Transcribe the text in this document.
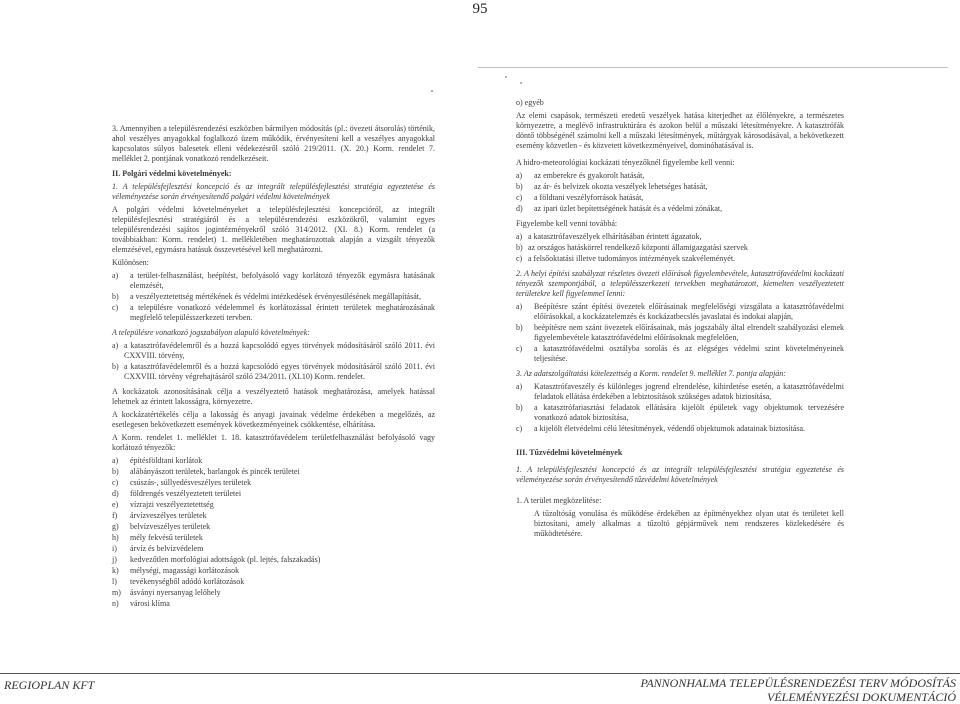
95

3. Amennyiben a településrendezési eszközben bármilyen módosítás (pl.: övezeti átsorolás) történik, ahol veszélyes anyagokkal foglalkozó üzem működik, érvényesíteni kell a veszélyes anyagokkal kapcsolatos súlyos balesetek elleni védekezésről szóló 219/2011. (X. 20.) Korm. rendelet 7. melléklet 2. pontjának vonatkozó rendelkezéseit.

II. Polgári védelmi követelmények:

1. A településfejlesztési koncepció és az integrált településfejlesztési stratégia egyeztetése és véleményezése során érvényesítendő polgári védelmi követelmények

A polgári védelmi követelményeket a településfejlesztési koncepcióról, az integrált településfejlesztési stratégiáról és a településrendezési eszközökről, valamint egyes településrendezési sajátos jogintézményekről szóló 314/2012. (XI. 8.) Korm. rendelet (a továbbiakban: Korm. rendelet) 1. mellékletében meghatározottak alapján a vizsgált tényezők elemzésével, egymásra hatásuk összevetésével kell meghatározni.

Különösen:

a)	a terület-felhasználást, beépítést, befolyásoló vagy korlátozó tényezők egymásra hatásának elemzését,
b)	a veszélyeztetettség mértékének és védelmi intézkedések érvényesülésének megállapítását,
c)	a településre vonatkozó védelemmel és korlátozással érintett területek meghatározásának megfelelő településszerkezeti tervben.

A településre vonatkozó jogszabályon alapuló követelmények:

a) a katasztrófavédelemről és a hozzá kapcsolódó egyes törvények módosításáról szóló 2011. évi CXXVIII. törvény,
b) a katasztrófavédelemről és a hozzá kapcsolódó egyes törvények módosításáról szóló 2011. évi CXXVIII. törvény végrehajtásáról szóló 234/2011. (XI.10) Korm. rendelet.

A kockázatok azonosításának célja a veszélyeztető hatások meghatározása, amelyek hatással lehetnek az érintett lakosságra, környezetre.

A kockázatértékelés célja a lakosság és anyagi javainak védelme érdekében a megelőzés, az esetlegesen bekövetkezett események következményeinek csökkentése, elhárítása.

A Korm. rendelet 1. melléklet 1. 18. katasztrófavédelem területfelhasználást befolyásoló vagy korlátozó tényezők:

a)	építésföldtani korlátok
b)	alábányászott területek, barlangok és pincék területei
c)	csúszás-, süllyedésveszélyes területek
d)	földrengés veszélyeztetett területei
e)	vízrajzi veszélyeztetettség
f)	árvízveszélyes területek
g)	belvízveszélyes területek
h)	mély fekvésű területek
i)	árvíz és belvízvédelem
j)	kedvezőtlen morfológiai adottságok (pl. lejtés, falszakadás)
k)	mélységi, magassági korlátozások
l)	tevékenységből adódó korlátozások
m)	ásványi nyersanyag lelőhely
n)	városi klíma

o) egyéb

Az elemi csapások, természeti eredetű veszélyek hatása kiterjedhet az élőlényekre, a természetes környezetre, a meglévő infrastruktúrára és azokon belül a műszaki létesítményekre. A katasztrófák döntő többségénél számolni kell a műszaki létesítmények, műtárgyak károsodásával, a bekövetkezett esemény közvetlen - és közvetett következményeivel, dominóhatásával is.

A hidro-meteorológiai kockázati tényezőknél figyelembe kell venni:

a)	az emberekre és gyakorolt hatását,
b)	az ár- és belvizek okozta veszélyek lehetséges hatását,
c)	a földtani veszélyforrások hatását,
d)	az ipari üzlet bepítettségének hatását és a védelmi zónákat,

Figyelembe kell venni továbbá:

a) a katasztrófaveszélyek elhárításában érintett ágazatok,
b) az országos hatáskörrel rendelkező központi államigazgatási szervek
c) a felsőoktatási illetve tudományos intézmények szakvéleményét.

2. A helyi építési szabályzat részletes övezeti előírások figyelembevétele, katasztrófavédelmi kockázati tényezők szempontjából, a településszerkezeti tervekben meghatározott, kiemelten veszélyeztetett területekre kell figyelemmel lenni:

a)	Beépítésre szánt építési övezetek előírásainak megfelelőségi vizsgálata a katasztrófavédelmi előírásokkal, a kockázatelemzés és kockázatbecslés javaslatai és indokai alapján,
b)	beépítésre nem szánt övezetek előírásainak, más jogszabály által elrendelt szabályozási elemek figyelembevétele katasztrófavédelmi előírásoknak megfelelően,
c)	a katasztrófavédelmi osztályba sorolás és az elégséges védelmi szint követelményeinek teljesítése.

3. Az adatszolgáltatási kötelezettség a Korm. rendelet 9. melléklet 7. pontja alapján:

a)	Katasztrófaveszély és különleges jogrend elrendelése, kihirdetése esetén, a katasztrófavédelmi feladatok ellátása érdekében a lebiztosítások szükséges adatok biztosítása,
b)	a katasztrófariasztási feladatok ellátására kijelölt épületek vagy objektumok tervezésére vonatkozó adatok biztosítása,
c)	a kijelölt életvédelmi célú létesítmények, védendő objektumok adatainak biztosítása.
III. Tűzvédelmi követelmények

1. A településfejlesztési koncepció és az integrált településfejlesztési stratégia egyeztetése és véleményezése során érvényesítendő tűzvédelmi követelmények

1. A terület megközelítése:

A tűzoltóság vonulása és működése érdekében az építményekhez olyan utat és területet kell biztosítani, amely alkalmas a tűzoltó gépjárművek nem rendszeres közlekedésére és működtetésére.

REGIOPLAN KFT	PANNONHALMA TELEPÜLÉSRENDEZÉSI TERV MÓDOSÍTÁS
VÉLEMÉNYEZÉSI DOKUMENTÁCIÓ
